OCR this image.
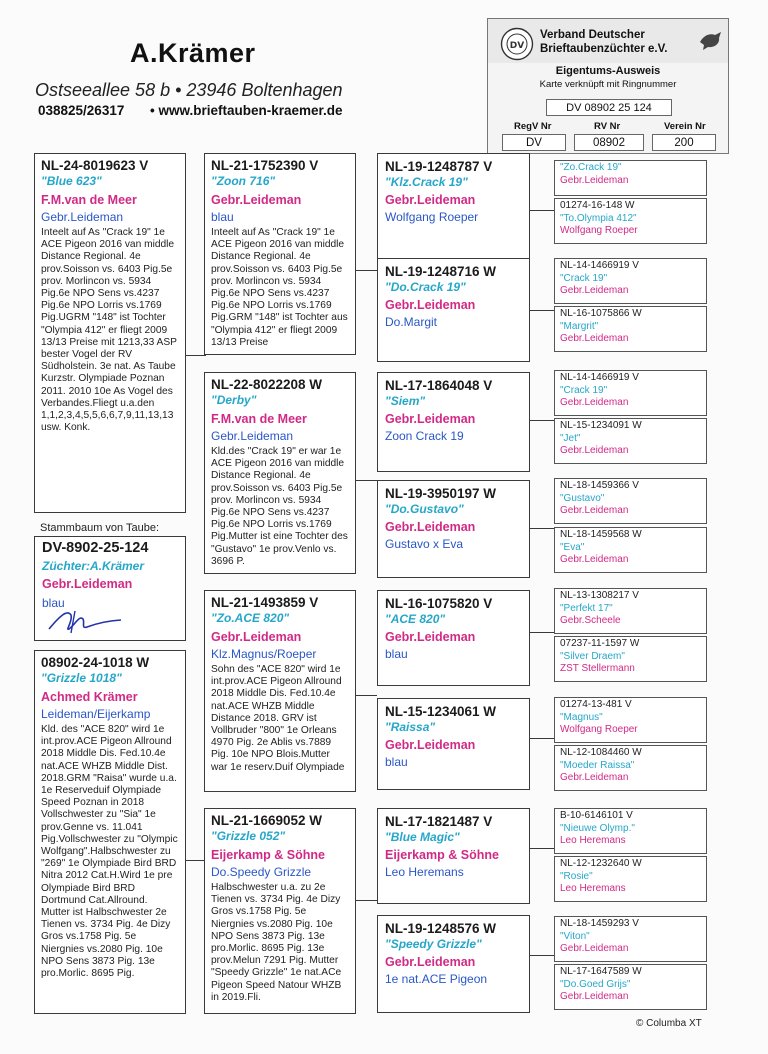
A.Krämer
Ostseeallee 58 b • 23946 Boltenhagen
038825/26317 • www.brieftauben-kraemer.de
DV
Verband Deutscher
Brieftaubenzüchter e.V.
Eigentums-Ausweis
Karte verknüpft mit Ringnummer
DV 08902 25 124
RegV Nr	RV Nr	Verein Nr
DV	08902	200
NL-24-8019623 V
"Blue 623"
F.M.van de Meer
Gebr.Leideman
Inteelt auf As "Crack 19" 1e ACE Pigeon 2016 van middle Distance Regional. 4e prov.Soisson vs. 6403 Pig.5e prov. Morlincon vs. 5934 Pig.6e NPO Sens vs.4237 Pig.6e NPO Lorris vs.1769 Pig.UGRM "148" ist Tochter "Olympia 412" er fliegt 2009 13/13 Preise mit 1213,33 ASP bester Vogel der RV Südholstein. 3e nat. As Taube Kurzstr. Olympiade Poznan 2011. 2010 10e As Vogel des Verbandes.Fliegt u.a.den 1,1,2,3,4,5,5,6,6,7,9,11,13,13 usw. Konk.
Stammbaum von Taube:
DV-8902-25-124
Züchter:A.Krämer
Gebr.Leideman
blau
08902-24-1018 W
"Grizzle 1018"
Achmed Krämer
Leideman/Eijerkamp
Kld. des "ACE 820" wird 1e int.prov.ACE Pigeon Allround 2018 Middle Dis. Fed.10.4e nat.ACE WHZB Middle Dist. 2018.GRM "Raisa" wurde u.a. 1e Reserveduif Olympiade Speed Poznan in 2018 Vollschwester zu "Sia" 1e prov.Genne vs. 11.041 Pig.Vollschwester zu "Olympic Wolfgang".Halbschwester zu "269" 1e Olympiade Bird BRD Nitra 2012 Cat.H.Wird 1e pre Olympiade Bird BRD Dortmund Cat.Allround. Mutter ist Halbschwester 2e Tienen vs. 3734 Pig. 4e Dizy Gros vs.1758 Pig. 5e Niergnies vs.2080 Pig. 10e NPO Sens 3873 Pig. 13e pro.Morlic. 8695 Pig.
NL-21-1752390 V
"Zoon 716"
Gebr.Leideman
blau
Inteelt auf As "Crack 19" 1e ACE Pigeon 2016 van middle Distance Regional. 4e prov.Soisson vs. 6403 Pig.5e prov. Morlincon vs. 5934 Pig.6e NPO Sens vs.4237 Pig.6e NPO Lorris vs.1769 Pig.GRM "148" ist Tochter aus "Olympia 412" er fliegt 2009 13/13 Preise
NL-22-8022208 W
"Derby"
F.M.van de Meer
Gebr.Leideman
Kld.des "Crack 19" er war 1e ACE Pigeon 2016 van middle Distance Regional. 4e prov.Soisson vs. 6403 Pig.5e prov. Morlincon vs. 5934 Pig.6e NPO Sens vs.4237 Pig.6e NPO Lorris vs.1769 Pig.Mutter ist eine Tochter des "Gustavo" 1e prov.Venlo vs. 3696 P.
NL-21-1493859 V
"Zo.ACE 820"
Gebr.Leideman
Klz.Magnus/Roeper
Sohn des "ACE 820" wird 1e int.prov.ACE Pigeon Allround 2018 Middle Dis. Fed.10.4e nat.ACE WHZB Middle Distance 2018. GRV ist Vollbruder "800" 1e Orleans 4970 Pig. 2e Ablis vs.7889 Pig. 10e NPO Blois.Mutter war 1e reserv.Duif Olympiade
NL-21-1669052 W
"Grizzle 052"
Eijerkamp & Söhne
Do.Speedy Grizzle
Halbschwester u.a. zu 2e Tienen vs. 3734 Pig. 4e Dizy Gros vs.1758 Pig. 5e Niergnies vs.2080 Pig. 10e NPO Sens 3873 Pig. 13e pro.Morlic. 8695 Pig. 13e prov.Melun 7291 Pig. Mutter "Speedy Grizzle" 1e nat.ACe Pigeon Speed Natour WHZB in 2019.Fli.
NL-19-1248787 V
"Klz.Crack 19"
Gebr.Leideman
Wolfgang Roeper
NL-19-1248716 W
"Do.Crack 19"
Gebr.Leideman
Do.Margit
NL-17-1864048 V
"Siem"
Gebr.Leideman
Zoon Crack 19
NL-19-3950197 W
"Do.Gustavo"
Gebr.Leideman
Gustavo x Eva
NL-16-1075820 V
"ACE 820"
Gebr.Leideman
blau
NL-15-1234061 W
"Raissa"
Gebr.Leideman
blau
NL-17-1821487 V
"Blue Magic"
Eijerkamp & Söhne
Leo Heremans
NL-19-1248576 W
"Speedy Grizzle"
Gebr.Leideman
1e nat.ACE Pigeon
"Zo.Crack 19"
Gebr.Leideman
01274-16-148 W
"To.Olympia 412"
Wolfgang Roeper
NL-14-1466919 V
"Crack 19"
Gebr.Leideman
NL-16-1075866 W
"Margrit"
Gebr.Leideman
NL-14-1466919 V
"Crack 19"
Gebr.Leideman
NL-15-1234091 W
"Jet"
Gebr.Leideman
NL-18-1459366 V
"Gustavo"
Gebr.Leideman
NL-18-1459568 W
"Eva"
Gebr.Leideman
NL-13-1308217 V
"Perfekt 17"
Gebr.Scheele
07237-11-1597 W
"Silver Draem"
ZST Stellermann
01274-13-481 V
"Magnus"
Wolfgang Roeper
NL-12-1084460 W
"Moeder Raissa"
Gebr.Leideman
B-10-6146101 V
"Nieuwe Olymp."
Leo Heremans
NL-12-1232640 W
"Rosie"
Leo Heremans
NL-18-1459293 V
"Viton"
Gebr.Leideman
NL-17-1647589 W
"Do.Goed Grijs"
Gebr.Leideman
© Columba XT
